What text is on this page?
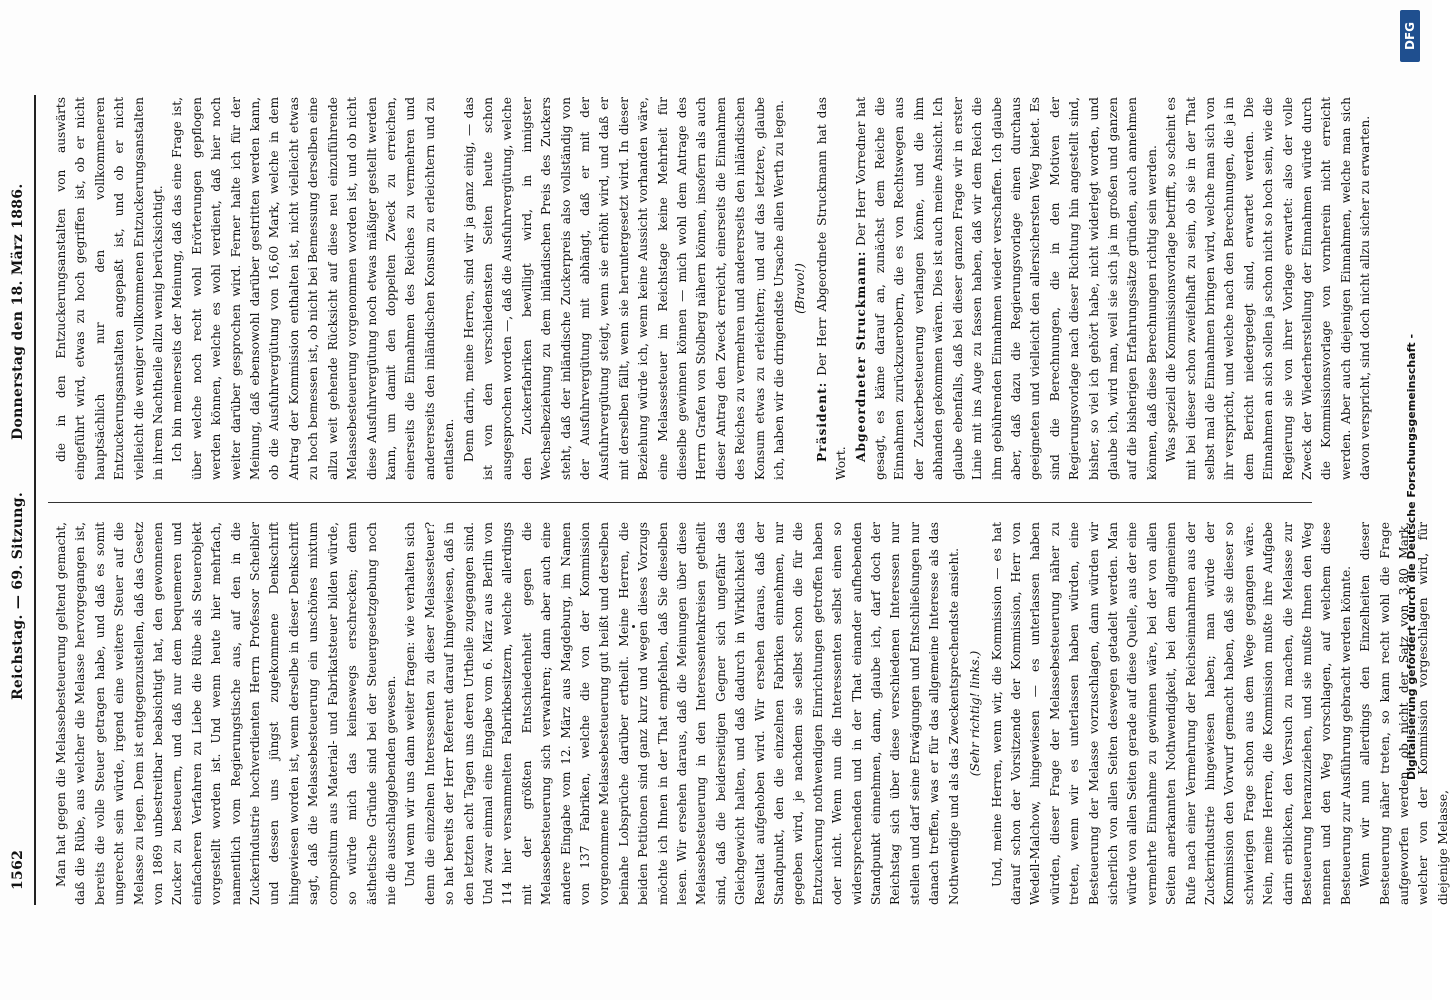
1562
Reichstag. — 69. Sitzung.
Donnerstag den 18. März 1886.

Man hat gegen die Melassebesteuerung geltend gemacht, daß die Rübe, aus welcher die Melasse hervorgegangen ist, bereits die volle Steuer getragen habe, und daß es somit ungerecht sein würde, irgend eine weitere Steuer auf die Melasse zu legen. Dem ist entgegenzustellen, daß das Gesetz von 1869 unbestreitbar beabsichtigt hat, den gewonnenen Zucker zu besteuern, und daß nur dem bequemeren und einfacheren Verfahren zu Liebe die Rübe als Steuerobjekt vorgestellt worden ist. Und wenn heute hier mehrfach, namentlich vom Regierungstische aus, auf den in die Zuckerindustrie hochverdienten Herrn Professor Scheibler und dessen uns jüngst zugekommene Denkschrift hingewiesen worden ist, wenn derselbe in dieser Denkschrift sagt, daß die Melassebesteuerung ein unschönes mixtum compositum aus Material- und Fabrikatsteuer bilden würde, so würde mich das keineswegs erschrecken; denn ästhetische Gründe sind bei der Steuergesetzgebung noch nie die ausschlaggebenden gewesen. Und wenn wir uns dann weiter fragen: wie verhalten sich denn die einzelnen Interessenten zu dieser Melassesteuer? so hat bereits der Herr Referent darauf hingewiesen, daß in den letzten acht Tagen uns deren Urtheile zugegangen sind. Und zwar einmal eine Eingabe vom 6. März aus Berlin von 114 hier versammelten Fabrikbesitzern, welche allerdings mit der größten Entschiedenheit gegen die Melassebesteuerung sich verwahren; dann aber auch eine andere Eingabe vom 12. März aus Magdeburg, im Namen von 137 Fabriken, welche die von der Kommission vorgenommene Melassebesteuerung gut heißt und derselben beinahe Lobsprüche darüber ertheilt. Meine Herren, die beiden Petitionen sind ganz kurz und wegen dieses Vorzugs möchte ich Ihnen in der That empfehlen, daß Sie dieselben lesen. Wir ersehen daraus, daß die Meinungen über diese Melassebesteuerung in den Interessentenkreisen getheilt sind, daß die beiderseitigen Gegner sich ungefähr das Gleichgewicht halten, und daß dadurch in Wirklichkeit das Resultat aufgehoben wird. Wir ersehen daraus, daß der Standpunkt, den die einzelnen Fabriken einnehmen, nur gegeben wird, je nachdem sie selbst schon die für die Entzuckerung nothwendigen Einrichtungen getroffen haben oder nicht. Wenn nun die Interessenten selbst einen so widersprechenden und in der That einander aufhebenden Standpunkt einnehmen, dann, glaube ich, darf doch der Reichstag sich über diese verschiedenen Interessen nur stellen und darf seine Erwägungen und Entschließungen nur danach treffen, was er für das allgemeine Interesse als das Nothwendige und als das Zweckentsprechendste ansieht. (Sehr richtig! links.) Und, meine Herren, wenn wir, die Kommission — es hat darauf schon der Vorsitzende der Kommission, Herr von Wedell-Malchow, hingewiesen — es unterlassen haben würden, dieser Frage der Melassebesteuerung näher zu treten, wenn wir es unterlassen haben würden, eine Besteuerung der Melasse vorzuschlagen, dann würden wir sicherlich von allen Seiten deswegen getadelt werden. Man würde von allen Seiten gerade auf diese Quelle, aus der eine vermehrte Einnahme zu gewinnen wäre, bei der von allen Seiten anerkannten Nothwendigkeit, bei dem allgemeinen Rufe nach einer Vermehrung der Reichseinnahmen aus der Zuckerindustrie hingewiesen haben; man würde der Kommission den Vorwurf gemacht haben, daß sie dieser so schwierigen Frage schon aus dem Wege gegangen wäre. Nein, meine Herren, die Kommission mußte ihre Aufgabe darin erblicken, den Versuch zu machen, die Melasse zur Besteuerung heranzuziehen, und sie mußte Ihnen den Weg nennen und den Weg vorschlagen, auf welchem diese Besteuerung zur Ausführung gebracht werden könnte. Wenn wir nun allerdings den Einzelheiten dieser Besteuerung näher treten, so kann recht wohl die Frage aufgeworfen werden, ob nicht der Satz von 3,80 Mark, welcher von der Kommission vorgeschlagen wird, für diejenige Melasse,

die in den Entzuckerungsanstalten von auswärts eingeführt wird, etwas zu hoch gegriffen ist, ob er nicht hauptsächlich nur den vollkommeneren Entzuckerungsanstalten angepaßt ist, und ob er nicht vielleicht die weniger vollkommenen Entzuckerungsanstalten in ihrem Nachtheile allzu wenig berücksichtigt. Ich bin meinerseits der Meinung, daß das eine Frage ist, über welche noch recht wohl Erörterungen gepflogen werden können, welche es wohl verdient, daß hier noch weiter darüber gesprochen wird. Ferner halte ich für der Meinung, daß ebensowohl darüber gestritten werden kann, ob die Ausfuhrvergütung von 16,60 Mark, welche in dem Antrag der Kommission enthalten ist, nicht vielleicht etwas zu hoch bemessen ist, ob nicht bei Bemessung derselben eine allzu weit gehende Rücksicht auf diese neu einzuführende Melassebesteuerung vorgenommen worden ist, und ob nicht diese Ausfuhrvergütung noch etwas mäßiger gestellt werden kann, um damit den doppelten Zweck zu erreichen, einerseits die Einnahmen des Reiches zu vermehren und andererseits den inländischen Konsum zu erleichtern und zu entlasten. Denn darin, meine Herren, sind wir ja ganz einig, — das ist von den verschiedensten Seiten heute schon ausgesprochen worden —, daß die Ausfuhrvergütung, welche den Zuckerfabriken bewilligt wird, in innigster Wechselbeziehung zu dem inländischen Preis des Zuckers steht, daß der inländische Zuckerpreis also vollständig von der Ausfuhrvergütung mit abhängt, daß er mit der Ausfuhrvergütung steigt, wenn sie erhöht wird, und daß er mit derselben fällt, wenn sie heruntergesetzt wird. In dieser Beziehung würde ich, wenn keine Aussicht vorhanden wäre, eine Melassesteuer im Reichstage keine Mehrheit für dieselbe gewinnen können — mich wohl dem Antrage des Herrn Grafen von Stolberg nähern können, insofern als auch dieser Antrag den Zweck erreicht, einerseits die Einnahmen des Reiches zu vermehren und andererseits den inländischen Konsum etwas zu erleichtern; und auf das letztere, glaube ich, haben wir die dringendste Ursache allen Werth zu legen. (Bravo!)

Präsident: Der Herr Abgeordnete Struckmann hat das Wort.

Abgeordneter Struckmann: Der Herr Vorredner hat gesagt, es käme darauf an, zunächst dem Reiche die Einnahmen zurückzuerobern, die es von Rechtswegen aus der Zuckerbesteuerung verlangen könne, und die ihm abhanden gekommen wären. Dies ist auch meine Ansicht. Ich glaube ebenfalls, daß bei dieser ganzen Frage wir in erster Linie mit ins Auge zu fassen haben, daß wir dem Reich die ihm gebührenden Einnahmen wieder verschaffen. Ich glaube aber, daß dazu die Regierungsvorlage einen durchaus geeigneten und vielleicht den allersichersten Weg bietet. Es sind die Berechnungen, die in den Motiven der Regierungsvorlage nach dieser Richtung hin angestellt sind, bisher, so viel ich gehört habe, nicht widerlegt worden, und glaube ich, wird man, weil sie sich ja im großen und ganzen auf die bisherigen Erfahrungssätze gründen, auch annehmen können, daß diese Berechnungen richtig sein werden. Was speziell die Kommissionsvorlage betrifft, so scheint es mit bei dieser schon zweifelhaft zu sein, ob sie in der That selbst mal die Einnahmen bringen wird, welche man sich von ihr verspricht, und welche nach den Berechnungen, die ja in dem Bericht niedergelegt sind, erwartet werden. Die Einnahmen an sich sollen ja schon nicht so hoch sein, wie die Regierung sie von ihrer Vorlage erwartet: also der volle Zweck der Wiederherstellung der Einnahmen würde durch die Kommissionsvorlage von vornherein nicht erreicht werden. Aber auch diejenigen Einnahmen, welche man sich davon verspricht, sind doch nicht allzu sicher zu erwarten.

Digitalisierung gefördert durch die Deutsche Forschungsgemeinschaft -
DFG
